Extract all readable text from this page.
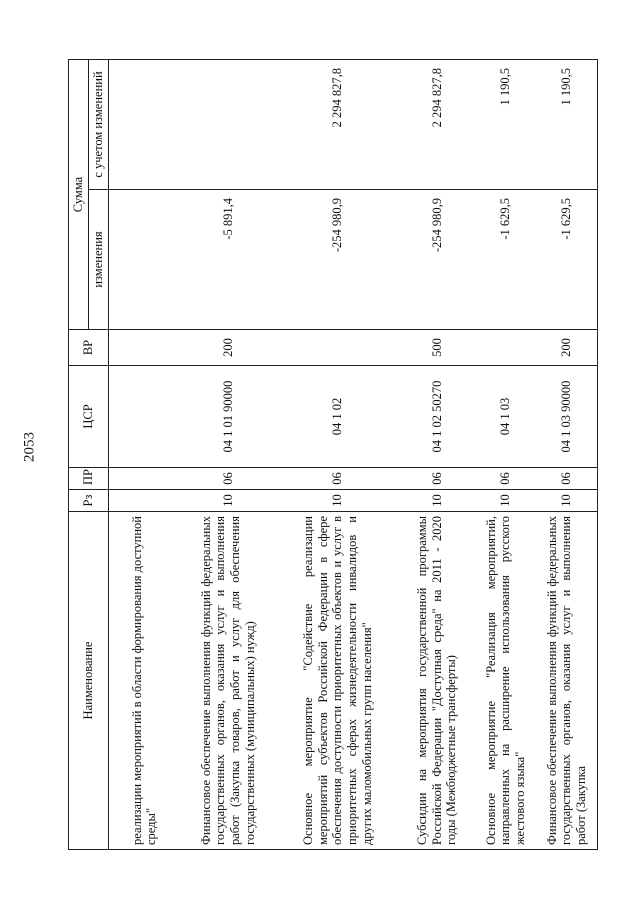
2053
Наименование	Рз	ПР	ЦСР	ВР	Сумма	
					изменения	с учетом изменений
реализации мероприятий в области формирования доступной среды"						
Финансовое обеспечение выполнения функций федеральных государственных органов, оказания услуг и выполнения работ (Закупка товаров, работ и услуг для обеспечения государственных (муниципальных) нужд)	10	06	04 1 01 90000	200	-5 891,4	
Основное мероприятие "Содействие реализации мероприятий субъектов Российской Федерации в сфере обеспечения доступности приоритетных объектов и услуг в приоритетных сферах жизнедеятельности инвалидов и других маломобильных групп населения"	10	06	04 1 02		-254 980,9	2 294 827,8
Субсидии на мероприятия государственной программы Российской Федерации "Доступная среда" на 2011 - 2020 годы (Межбюджетные трансферты)	10	06	04 1 02 50270	500	-254 980,9	2 294 827,8
Основное мероприятие "Реализация мероприятий, направленных на расширение использования русского жестового языка"	10	06	04 1 03		-1 629,5	1 190,5
Финансовое обеспечение выполнения функций федеральных государственных органов, оказания услуг и выполнения работ (Закупка	10	06	04 1 03 90000	200	-1 629,5	1 190,5
